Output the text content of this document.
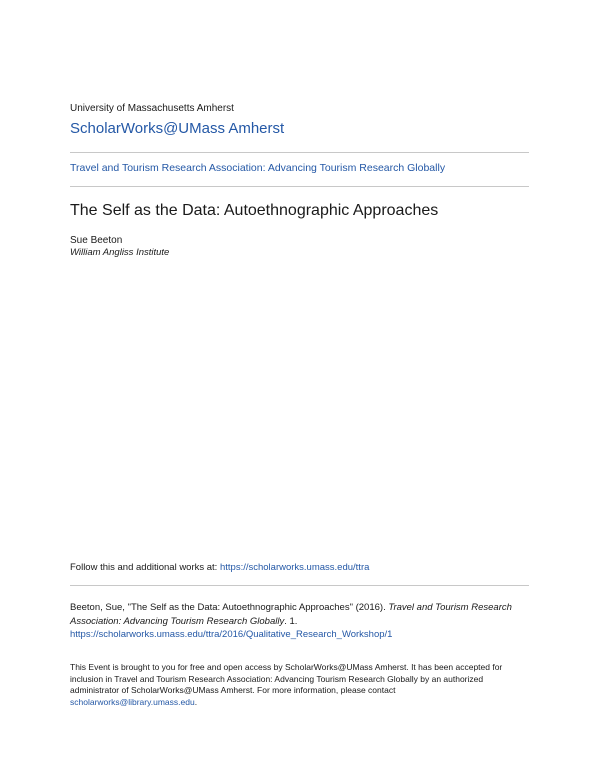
University of Massachusetts Amherst
ScholarWorks@UMass Amherst
Travel and Tourism Research Association: Advancing Tourism Research Globally
The Self as the Data: Autoethnographic Approaches
Sue Beeton
William Angliss Institute
Follow this and additional works at: https://scholarworks.umass.edu/ttra
Beeton, Sue, "The Self as the Data: Autoethnographic Approaches" (2016). Travel and Tourism Research Association: Advancing Tourism Research Globally. 1.
https://scholarworks.umass.edu/ttra/2016/Qualitative_Research_Workshop/1
This Event is brought to you for free and open access by ScholarWorks@UMass Amherst. It has been accepted for inclusion in Travel and Tourism Research Association: Advancing Tourism Research Globally by an authorized administrator of ScholarWorks@UMass Amherst. For more information, please contact
scholarworks@library.umass.edu.
